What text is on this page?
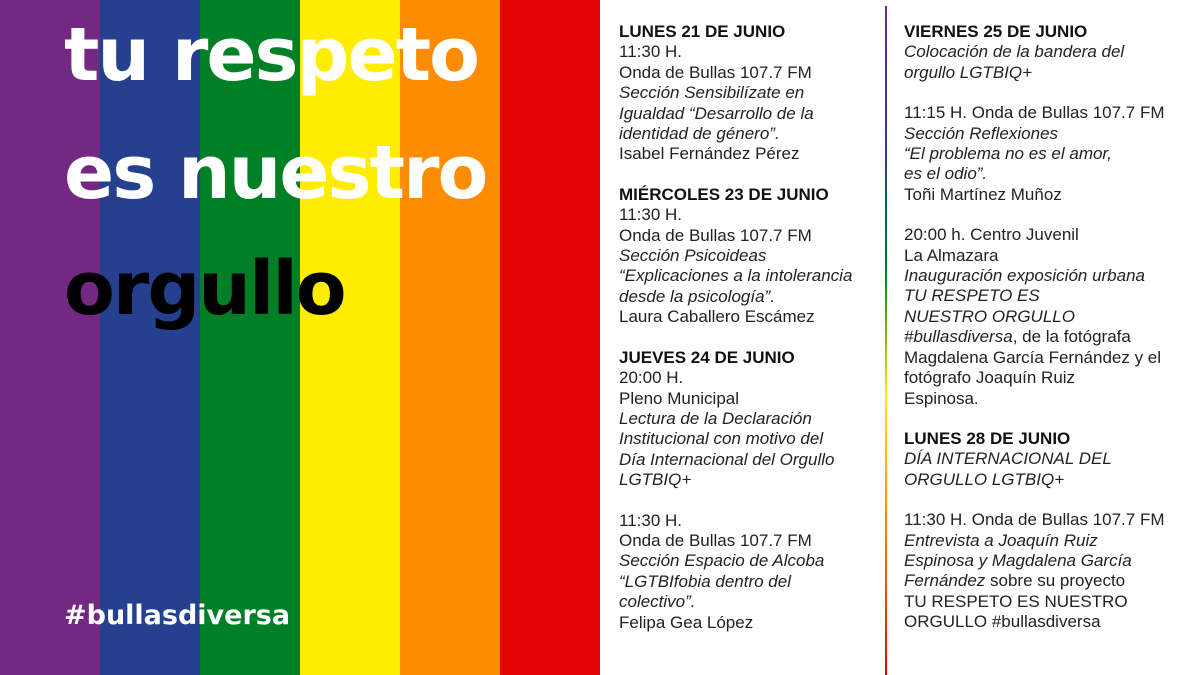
tu respeto
es nuestro
orgullo

#bullasdiversa

LUNES 21 DE JUNIO
11:30 H.
Onda de Bullas 107.7 FM
Sección Sensibilízate en
Igualdad “Desarrollo de la
identidad de género”.
Isabel Fernández Pérez
MIÉRCOLES 23 DE JUNIO
11:30 H.
Onda de Bullas 107.7 FM
Sección Psicoideas
“Explicaciones a la intolerancia
desde la psicología”.
Laura Caballero Escámez
JUEVES 24 DE JUNIO
20:00 H.
Pleno Municipal
Lectura de la Declaración
Institucional con motivo del
Día Internacional del Orgullo
LGTBIQ+
11:30 H.
Onda de Bullas 107.7 FM
Sección Espacio de Alcoba
“LGTBIfobia dentro del
colectivo”.
Felipa Gea López
VIERNES 25 DE JUNIO
Colocación de la bandera del
orgullo LGTBIQ+
11:15 H. Onda de Bullas 107.7 FM
Sección Reflexiones
“El problema no es el amor,
es el odio”.
Toñi Martínez Muñoz
20:00 h. Centro Juvenil
La Almazara
Inauguración exposición urbana
TU RESPETO ES
NUESTRO ORGULLO
#bullasdiversa, de la fotógrafa
Magdalena García Fernández y el
fotógrafo Joaquín Ruiz
Espinosa.
LUNES 28 DE JUNIO
DÍA INTERNACIONAL DEL
ORGULLO LGTBIQ+
11:30 H. Onda de Bullas 107.7 FM
Entrevista a Joaquín Ruiz
Espinosa y Magdalena García
Fernández sobre su proyecto
TU RESPETO ES NUESTRO
ORGULLO #bullasdiversa
